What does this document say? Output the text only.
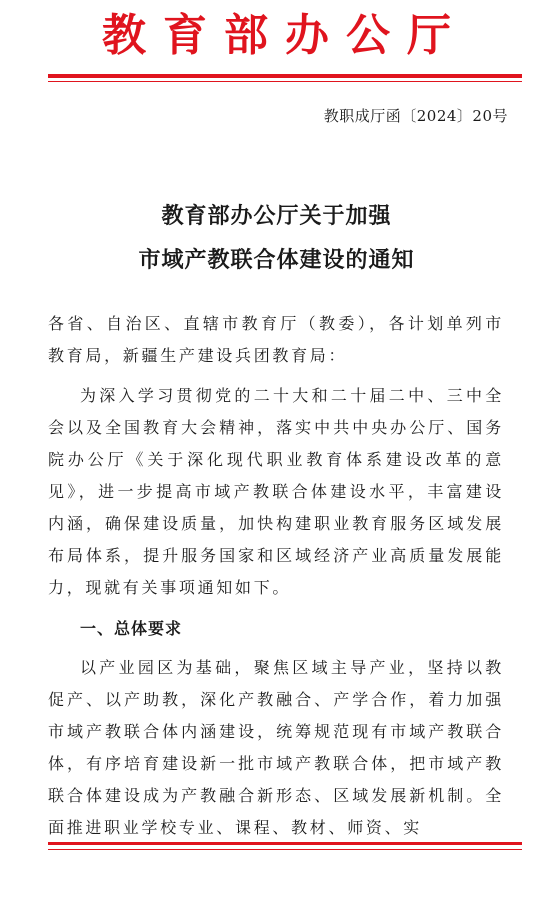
教育部办公厅
教职成厅函〔2024〕20号
教育部办公厅关于加强
市域产教联合体建设的通知
各省、自治区、直辖市教育厅（教委），各计划单列市教育局，新疆生产建设兵团教育局：
为深入学习贯彻党的二十大和二十届二中、三中全会以及全国教育大会精神，落实中共中央办公厅、国务院办公厅《关于深化现代职业教育体系建设改革的意见》，进一步提高市域产教联合体建设水平，丰富建设内涵，确保建设质量，加快构建职业教育服务区域发展布局体系，提升服务国家和区域经济产业高质量发展能力，现就有关事项通知如下。
一、总体要求
以产业园区为基础，聚焦区域主导产业，坚持以教促产、以产助教，深化产教融合、产学合作，着力加强市域产教联合体内涵建设，统筹规范现有市域产教联合体，有序培育建设新一批市域产教联合体，把市域产教联合体建设成为产教融合新形态、区域发展新机制。全面推进职业学校专业、课程、教材、师资、实
